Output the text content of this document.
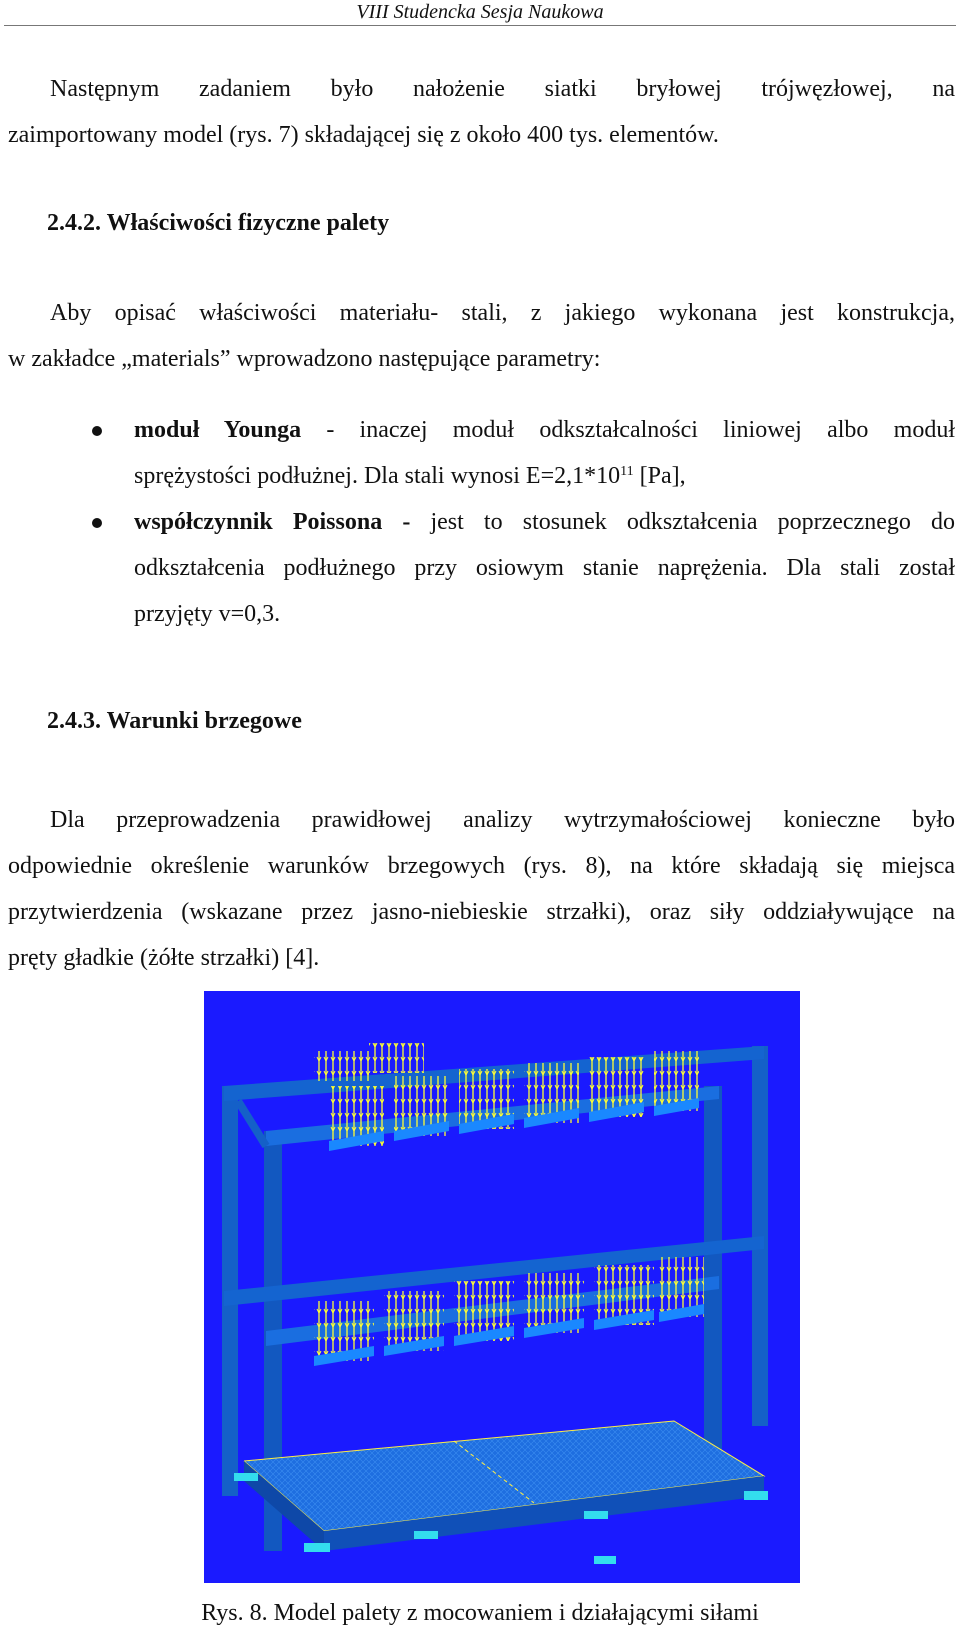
VIII Studencka Sesja Naukowa
Następnym zadaniem było nałożenie siatki bryłowej trójwęzłowej, na
zaimportowany model (rys. 7) składającej się z około 400 tys. elementów.
2.4.2. Właściwości fizyczne palety
Aby opisać właściwości materiału- stali, z jakiego wykonana jest konstrukcja,
w zakładce „materials” wprowadzono następujące parametry:
moduł Younga - inaczej moduł odkształcalności liniowej albo moduł
sprężystości podłużnej. Dla stali wynosi $E=2,1*10^{11}$ [Pa],
współczynnik Poissona - jest to stosunek odkształcenia poprzecznego do
odkształcenia podłużnego przy osiowym stanie naprężenia. Dla stali został
przyjęty v=0,3.
2.4.3. Warunki brzegowe
Dla przeprowadzenia prawidłowej analizy wytrzymałościowej konieczne było
odpowiednie określenie warunków brzegowych (rys. 8), na które składają się miejsca
przytwierdzenia (wskazane przez jasno-niebieskie strzałki), oraz siły oddziaływujące na
pręty gładkie (żółte strzałki) [4].
Rys. 8. Model palety z mocowaniem i działającymi siłami
